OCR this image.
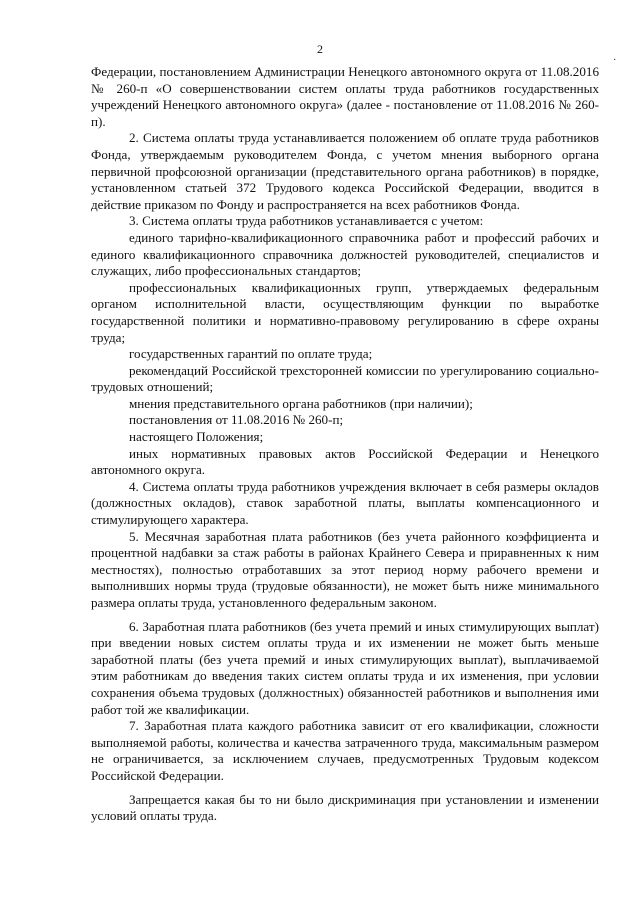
2
.

Федерации, постановлением Администрации Ненецкого автономного округа от 11.08.2016 № 260-п «О совершенствовании систем оплаты труда работников государственных учреждений Ненецкого автономного округа» (далее - постановление от 11.08.2016 № 260-п).

2. Система оплаты труда устанавливается положением об оплате труда работников Фонда, утверждаемым руководителем Фонда, с учетом мнения выборного органа первичной профсоюзной организации (представительного органа работников) в порядке, установленном статьей 372 Трудового кодекса Российской Федерации, вводится в действие приказом по Фонду и распространяется на всех работников Фонда.

3. Система оплаты труда работников устанавливается с учетом:

единого тарифно-квалификационного справочника работ и профессий рабочих и единого квалификационного справочника должностей руководителей, специалистов и служащих, либо профессиональных стандартов;

профессиональных квалификационных групп, утверждаемых федеральным органом исполнительной власти, осуществляющим функции по выработке государственной политики и нормативно-правовому регулированию в сфере охраны труда;

государственных гарантий по оплате труда;

рекомендаций Российской трехсторонней комиссии по урегулированию социально-трудовых отношений;

мнения представительного органа работников (при наличии);

постановления от 11.08.2016 № 260-п;

настоящего Положения;

иных нормативных правовых актов Российской Федерации и Ненецкого автономного округа.

4. Система оплаты труда работников учреждения включает в себя размеры окладов (должностных окладов), ставок заработной платы, выплаты компенсационного и стимулирующего характера.

5. Месячная заработная плата работников (без учета районного коэффициента и процентной надбавки за стаж работы в районах Крайнего Севера и приравненных к ним местностях), полностью отработавших за этот период норму рабочего времени и выполнивших нормы труда (трудовые обязанности), не может быть ниже минимального размера оплаты труда, установленного федеральным законом.

6. Заработная плата работников (без учета премий и иных стимулирующих выплат) при введении новых систем оплаты труда и их изменении не может быть меньше заработной платы (без учета премий и иных стимулирующих выплат), выплачиваемой этим работникам до введения таких систем оплаты труда и их изменения, при условии сохранения объема трудовых (должностных) обязанностей работников и выполнения ими работ той же квалификации.

7. Заработная плата каждого работника зависит от его квалификации, сложности выполняемой работы, количества и качества затраченного труда, максимальным размером не ограничивается, за исключением случаев, предусмотренных Трудовым кодексом Российской Федерации.

Запрещается какая бы то ни было дискриминация при установлении и изменении условий оплаты труда.
